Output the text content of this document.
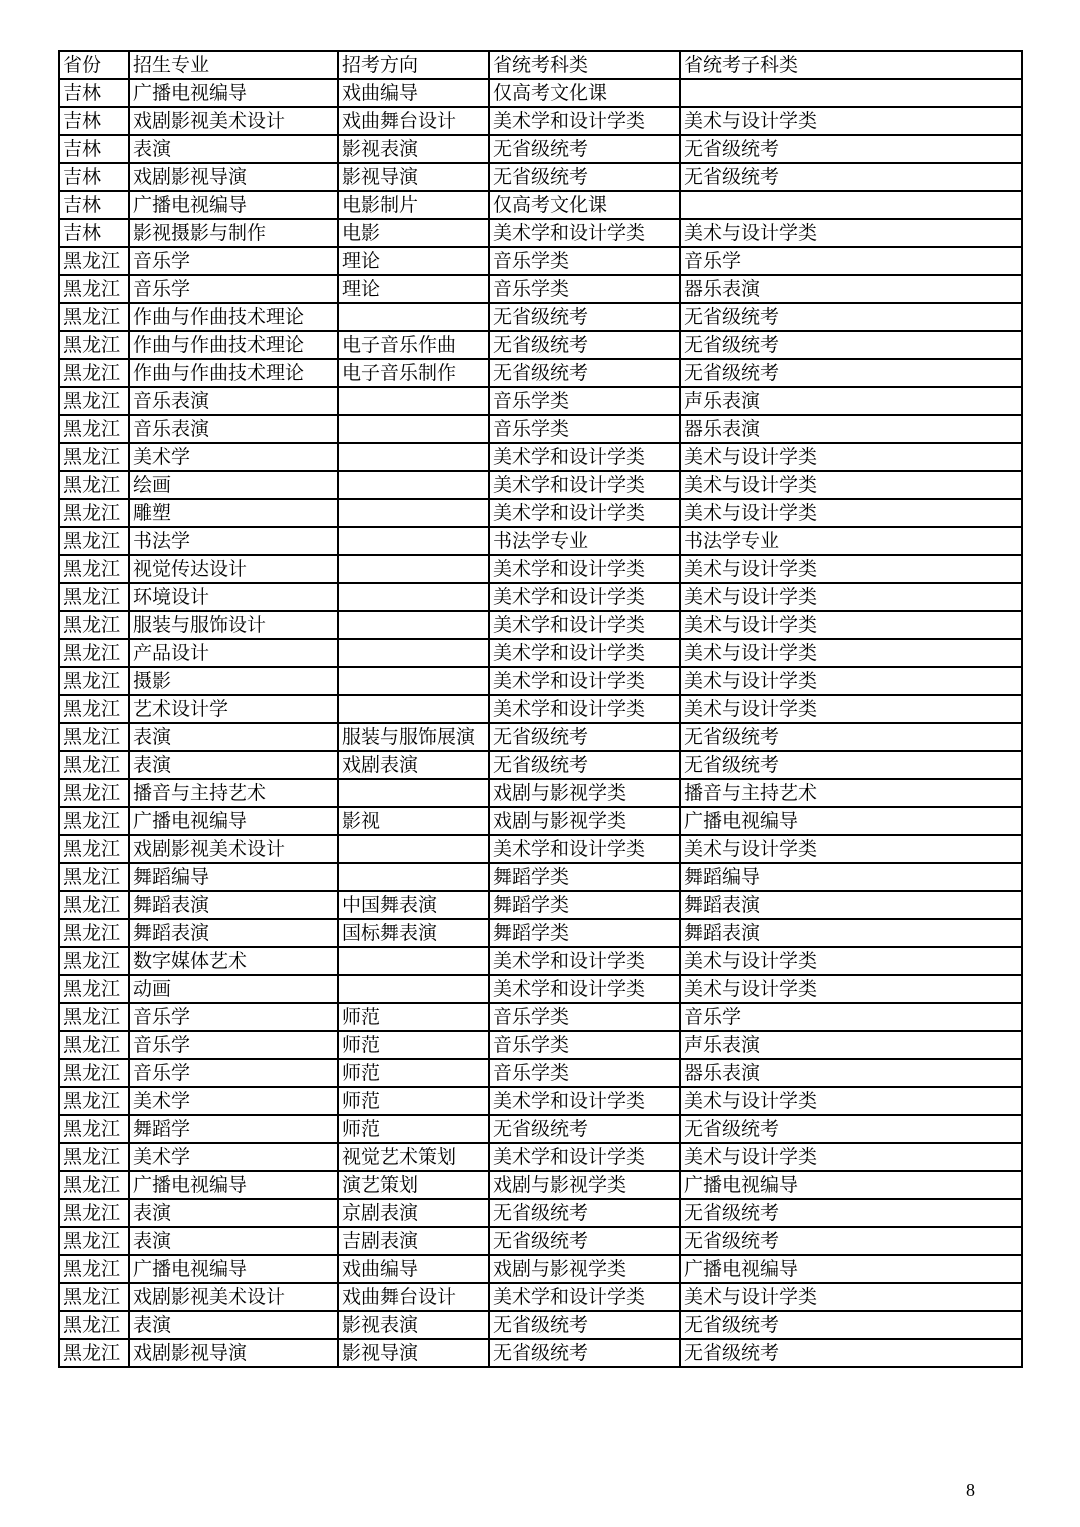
省份	招生专业	招考方向	省统考科类	省统考子科类
吉林	广播电视编导	戏曲编导	仅高考文化课	
吉林	戏剧影视美术设计	戏曲舞台设计	美术学和设计学类	美术与设计学类
吉林	表演	影视表演	无省级统考	无省级统考
吉林	戏剧影视导演	影视导演	无省级统考	无省级统考
吉林	广播电视编导	电影制片	仅高考文化课	
吉林	影视摄影与制作	电影	美术学和设计学类	美术与设计学类
黑龙江	音乐学	理论	音乐学类	音乐学
黑龙江	音乐学	理论	音乐学类	器乐表演
黑龙江	作曲与作曲技术理论		无省级统考	无省级统考
黑龙江	作曲与作曲技术理论	电子音乐作曲	无省级统考	无省级统考
黑龙江	作曲与作曲技术理论	电子音乐制作	无省级统考	无省级统考
黑龙江	音乐表演		音乐学类	声乐表演
黑龙江	音乐表演		音乐学类	器乐表演
黑龙江	美术学		美术学和设计学类	美术与设计学类
黑龙江	绘画		美术学和设计学类	美术与设计学类
黑龙江	雕塑		美术学和设计学类	美术与设计学类
黑龙江	书法学		书法学专业	书法学专业
黑龙江	视觉传达设计		美术学和设计学类	美术与设计学类
黑龙江	环境设计		美术学和设计学类	美术与设计学类
黑龙江	服装与服饰设计		美术学和设计学类	美术与设计学类
黑龙江	产品设计		美术学和设计学类	美术与设计学类
黑龙江	摄影		美术学和设计学类	美术与设计学类
黑龙江	艺术设计学		美术学和设计学类	美术与设计学类
黑龙江	表演	服装与服饰展演	无省级统考	无省级统考
黑龙江	表演	戏剧表演	无省级统考	无省级统考
黑龙江	播音与主持艺术		戏剧与影视学类	播音与主持艺术
黑龙江	广播电视编导	影视	戏剧与影视学类	广播电视编导
黑龙江	戏剧影视美术设计		美术学和设计学类	美术与设计学类
黑龙江	舞蹈编导		舞蹈学类	舞蹈编导
黑龙江	舞蹈表演	中国舞表演	舞蹈学类	舞蹈表演
黑龙江	舞蹈表演	国标舞表演	舞蹈学类	舞蹈表演
黑龙江	数字媒体艺术		美术学和设计学类	美术与设计学类
黑龙江	动画		美术学和设计学类	美术与设计学类
黑龙江	音乐学	师范	音乐学类	音乐学
黑龙江	音乐学	师范	音乐学类	声乐表演
黑龙江	音乐学	师范	音乐学类	器乐表演
黑龙江	美术学	师范	美术学和设计学类	美术与设计学类
黑龙江	舞蹈学	师范	无省级统考	无省级统考
黑龙江	美术学	视觉艺术策划	美术学和设计学类	美术与设计学类
黑龙江	广播电视编导	演艺策划	戏剧与影视学类	广播电视编导
黑龙江	表演	京剧表演	无省级统考	无省级统考
黑龙江	表演	吉剧表演	无省级统考	无省级统考
黑龙江	广播电视编导	戏曲编导	戏剧与影视学类	广播电视编导
黑龙江	戏剧影视美术设计	戏曲舞台设计	美术学和设计学类	美术与设计学类
黑龙江	表演	影视表演	无省级统考	无省级统考
黑龙江	戏剧影视导演	影视导演	无省级统考	无省级统考
8
